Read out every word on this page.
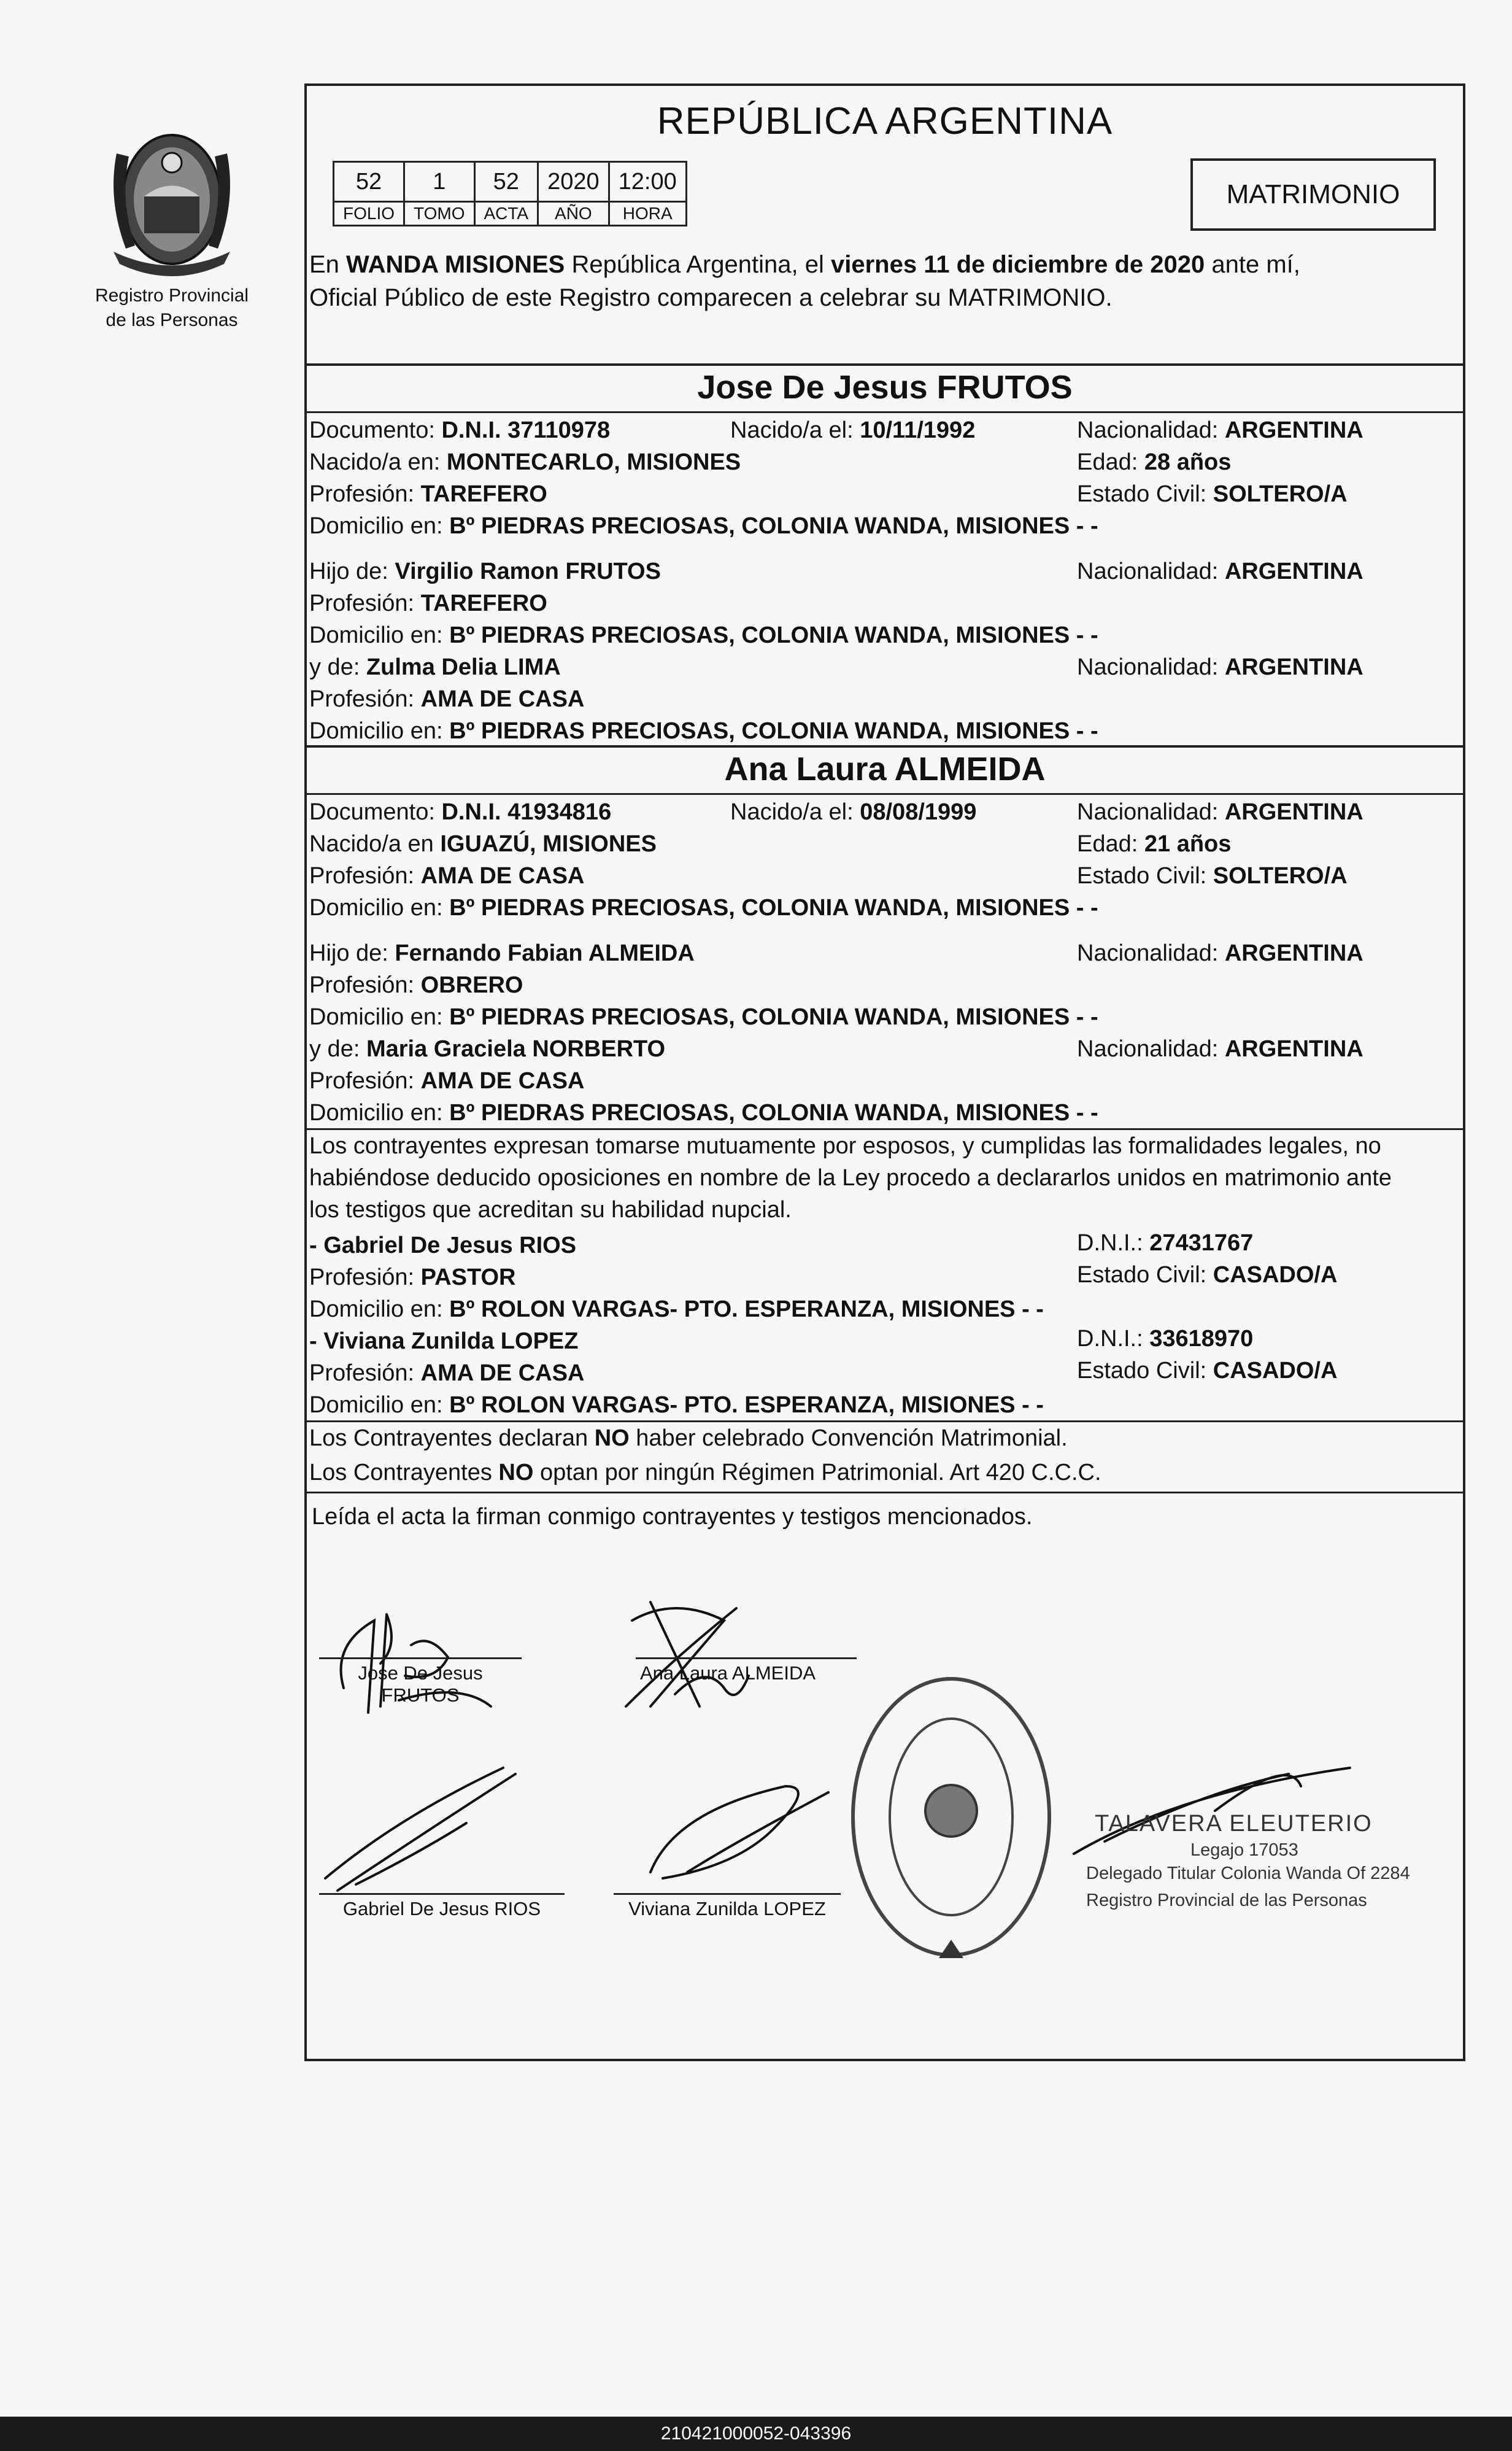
Registro Provincial
de las Personas
REPÚBLICA ARGENTINA
52	1	52	2020	12:00
FOLIO	TOMO	ACTA	AÑO	HORA
MATRIMONIO
En WANDA MISIONES República Argentina, el viernes 11 de diciembre de 2020 ante mí,
Oficial Público de este Registro comparecen a celebrar su MATRIMONIO.
Jose De Jesus FRUTOS
Documento: D.N.I. 37110978	Nacido/a el: 10/11/1992	Nacionalidad: ARGENTINA
Nacido/a en: MONTECARLO, MISIONES	Edad: 28 años
Profesión: TAREFERO	Estado Civil: SOLTERO/A
Domicilio en: Bº PIEDRAS PRECIOSAS, COLONIA WANDA, MISIONES - -
Hijo de: Virgilio Ramon FRUTOS	Nacionalidad: ARGENTINA
Profesión: TAREFERO
Domicilio en: Bº PIEDRAS PRECIOSAS, COLONIA WANDA, MISIONES - -
y de: Zulma Delia LIMA	Nacionalidad: ARGENTINA
Profesión: AMA DE CASA
Domicilio en: Bº PIEDRAS PRECIOSAS, COLONIA WANDA, MISIONES - -
Ana Laura ALMEIDA
Documento: D.N.I. 41934816	Nacido/a el: 08/08/1999	Nacionalidad: ARGENTINA
Nacido/a en IGUAZÚ, MISIONES	Edad: 21 años
Profesión: AMA DE CASA	Estado Civil: SOLTERO/A
Domicilio en: Bº PIEDRAS PRECIOSAS, COLONIA WANDA, MISIONES - -
Hijo de: Fernando Fabian ALMEIDA	Nacionalidad: ARGENTINA
Profesión: OBRERO
Domicilio en: Bº PIEDRAS PRECIOSAS, COLONIA WANDA, MISIONES - -
y de: Maria Graciela NORBERTO	Nacionalidad: ARGENTINA
Profesión: AMA DE CASA
Domicilio en: Bº PIEDRAS PRECIOSAS, COLONIA WANDA, MISIONES - -
Los contrayentes expresan tomarse mutuamente por esposos, y cumplidas las formalidades legales, no
habiéndose deducido oposiciones en nombre de la Ley procedo a declararlos unidos en matrimonio ante
los testigos que acreditan su habilidad nupcial.
- Gabriel De Jesus RIOS	D.N.I.: 27431767
Profesión: PASTOR	Estado Civil: CASADO/A
Domicilio en: Bº ROLON VARGAS- PTO. ESPERANZA, MISIONES - -
- Viviana Zunilda LOPEZ	D.N.I.: 33618970
Profesión: AMA DE CASA	Estado Civil: CASADO/A
Domicilio en: Bº ROLON VARGAS- PTO. ESPERANZA, MISIONES - -
Los Contrayentes declaran NO haber celebrado Convención Matrimonial.
Los Contrayentes NO optan por ningún Régimen Patrimonial. Art 420 C.C.C.
Leída el acta la firman conmigo contrayentes y testigos mencionados.
Jose De Jesus FRUTOS
Ana Laura ALMEIDA
Gabriel De Jesus RIOS	Viviana Zunilda LOPEZ
TALAVERA ELEUTERIO
Legajo 17053
Delegado Titular Colonia Wanda Of 2284
Registro Provincial de las Personas
210421000052-043396
